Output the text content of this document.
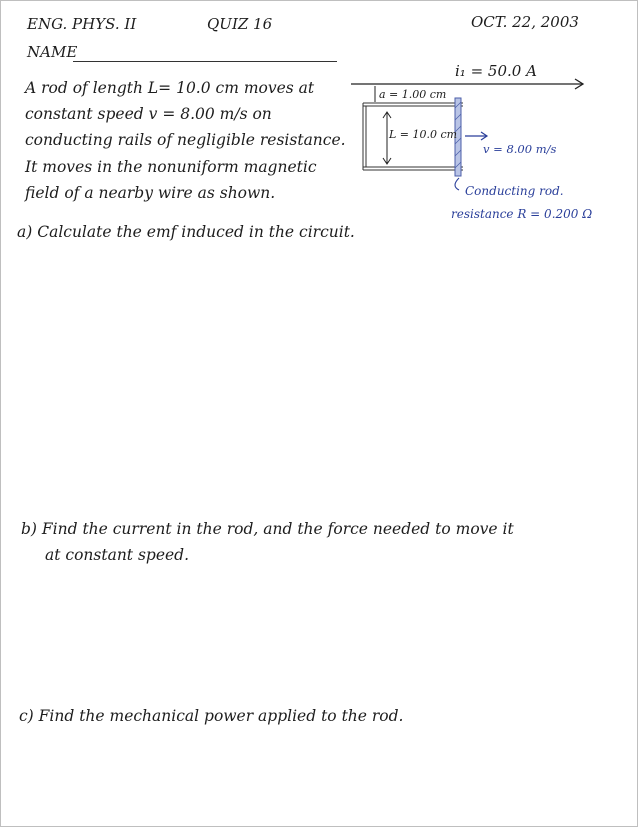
ENG. PHYS. II	QUIZ 16	OCT. 22, 2003
NAME
A rod of length L= 10.0 cm moves at
constant speed v = 8.00 m/s on
conducting rails of negligible resistance.
It moves in the nonuniform magnetic
field of a nearby wire as shown.
i₁ = 50.0 A
a = 1.00 cm
L = 10.0 cm
v = 8.00 m/s
Conducting rod.
resistance R = 0.200 Ω
a) Calculate the emf induced in the circuit.
b) Find the current in the rod, and the force needed to move it
at constant speed.
c) Find the mechanical power applied to the rod.
